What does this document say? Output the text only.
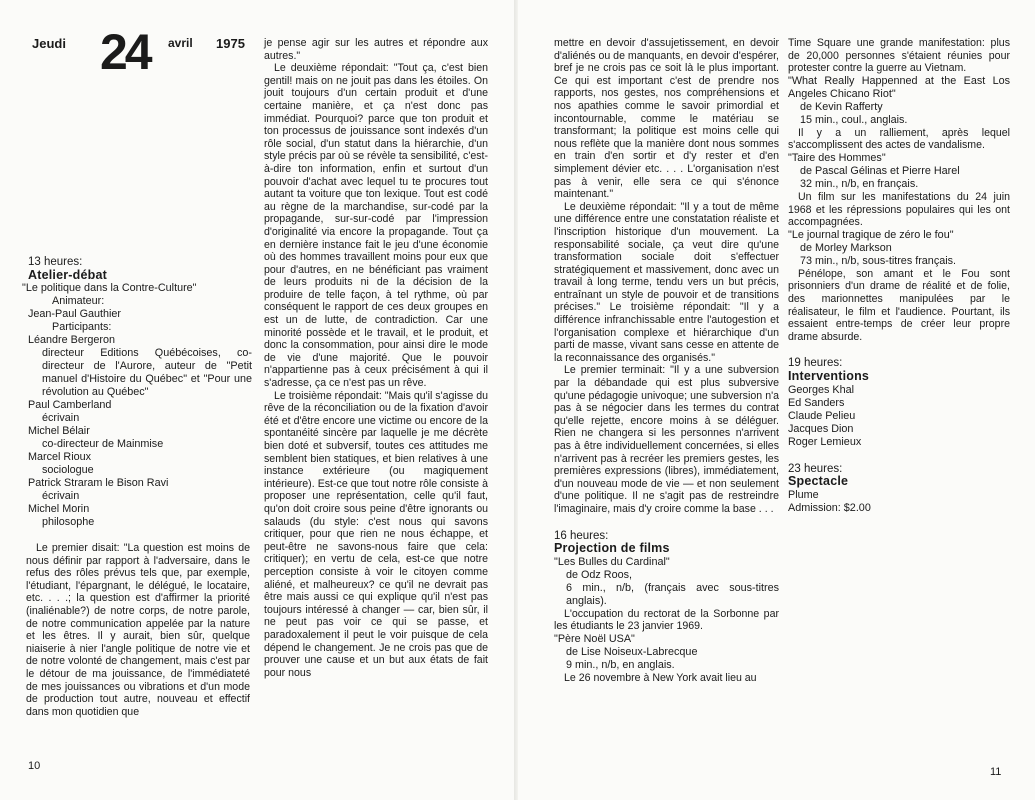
Jeudi 24 avril 1975
13 heures:
Atelier-débat
"Le politique dans la Contre-Culture"
Animateur:
Jean-Paul Gauthier
Participants:
Léandre Bergeron
directeur Editions Québécoises, co-directeur de l'Aurore, auteur de "Petit manuel d'Histoire du Québec" et "Pour une révolution au Québec"
Paul Camberland
écrivain
Michel Bélair
co-directeur de Mainmise
Marcel Rioux
sociologue
Patrick Straram le Bison Ravi
écrivain
Michel Morin
philosophe

Le premier disait: "La question est moins de nous définir par rapport à l'adversaire, dans le refus des rôles prévus tels que, par exemple, l'étudiant, l'épargnant, le délégué, le locataire, etc. . . .; la question est d'affirmer la priorité (inaliénable?) de notre corps, de notre parole, de notre communication appelée par la nature et les êtres. Il y aurait, bien sûr, quelque niaiserie à nier l'angle politique de notre vie et de notre volonté de changement, mais c'est par le détour de ma jouissance, de l'immédiateté de mes jouissances ou vibrations et d'un mode de production tout autre, nouveau et effectif dans mon quotidien que

je pense agir sur les autres et répondre aux autres."

Le deuxième répondait: "Tout ça, c'est bien gentil! mais on ne jouit pas dans les étoiles. On jouit toujours d'un certain produit et d'une certaine manière, et ça n'est donc pas immédiat. Pourquoi? parce que ton produit et ton processus de jouissance sont indexés d'un rôle social, d'un statut dans la hiérarchie, d'un style précis par où se révèle ta sensibilité, c'est-à-dire ton information, enfin et surtout d'un pouvoir d'achat avec lequel tu te procures tout autant ta voiture que ton lexique. Tout est codé au règne de la marchandise, sur-codé par la propagande, sur-sur-codé par l'impression d'originalité via encore la propagande. Tout ça en dernière instance fait le jeu d'une économie où des hommes travaillent moins pour eux que pour d'autres, en ne bénéficiant pas vraiment de leurs produits ni de la décision de la produire de telle façon, à tel rythme, où par conséquent le rapport de ces deux groupes en est un de lutte, de contradiction. Car une minorité possède et le travail, et le produit, et donc la consommation, pour ainsi dire le mode de vie d'une majorité. Que le pouvoir n'appartienne pas à ceux précisément à qui il s'adresse, ça ce n'est pas un rêve.

Le troisième répondait: "Mais qu'il s'agisse du rêve de la réconciliation ou de la fixation d'avoir été et d'être encore une victime ou encore de la spontanéité sincère par laquelle je me décrète bien doté et subversif, toutes ces attitudes me semblent bien statiques, et bien relatives à une instance extérieure (ou magiquement intérieure). Est-ce que tout notre rôle consiste à proposer une représentation, celle qu'il faut, qu'on doit croire sous peine d'être ignorants ou salauds (du style: c'est nous qui savons critiquer, pour que rien ne nous échappe, et peut-être ne savons-nous faire que cela: critiquer); en vertu de cela, est-ce que notre perception consiste à voir le citoyen comme aliéné, et malheureux? ce qu'il ne devrait pas être mais aussi ce qui explique qu'il n'est pas toujours intéressé à changer — car, bien sûr, il ne peut pas voir ce qui se passe, et paradoxalement il peut le voir puisque de cela dépend le changement. Je ne crois pas que de prouver une cause et un but aux états de fait pour nous

10

mettre en devoir d'assujetissement, en devoir d'aliénés ou de manquants, en devoir d'espérer, bref je ne crois pas ce soit là le plus important. Ce qui est important c'est de prendre nos rapports, nos gestes, nos compréhensions et nos apathies comme le savoir primordial et incontournable, comme le matériau se transformant; la politique est moins celle qui nous reflète que la manière dont nous sommes en train d'en sortir et d'y rester et d'en simplement dévier etc. . . . L'organisation n'est pas à venir, elle sera ce qui s'énonce maintenant."

Le deuxième répondait: "Il y a tout de même une différence entre une constatation réaliste et l'inscription historique d'un mouvement. La responsabilité sociale, ça veut dire qu'une transformation sociale doit s'effectuer stratégiquement et massivement, donc avec un travail à long terme, tendu vers un but précis, entraînant un style de pouvoir et de transitions précises." Le troisième répondait: "Il y a différence infranchissable entre l'autogestion et l'organisation complexe et hiérarchique d'un parti de masse, vivant sans cesse en attente de la reconnaissance des organisés."

Le premier terminait: "Il y a une subversion par la débandade qui est plus subversive qu'une pédagogie univoque; une subversion n'a pas à se négocier dans les termes du contrat qu'elle rejette, encore moins à se déléguer. Rien ne changera si les personnes n'arrivent pas à être individuellement concernées, si elles n'arrivent pas à recréer les premiers gestes, les premières expressions (libres), immédiatement, d'un nouveau mode de vie — et non seulement d'une politique. Il ne s'agit pas de restreindre l'imaginaire, mais d'y croire comme la base . . .

16 heures:
Projection de films
"Les Bulles du Cardinal"
de Odz Roos,
6 min., n/b, (français avec sous-titres anglais).

L'occupation du rectorat de la Sorbonne par les étudiants le 23 janvier 1969.

"Père Noël USA"
de Lise Noiseux-Labrecque
9 min., n/b, en anglais.

Le 26 novembre à New York avait lieu au

Time Square une grande manifestation: plus de 20,000 personnes s'étaient réunies pour protester contre la guerre au Vietnam.

"What Really Happenned at the East Los Angeles Chicano Riot"
de Kevin Rafferty
15 min., coul., anglais.

Il y a un ralliement, après lequel s'accomplissent des actes de vandalisme.

"Taire des Hommes"
de Pascal Gélinas et Pierre Harel
32 min., n/b, en français.

Un film sur les manifestations du 24 juin 1968 et les répressions populaires qui les ont accompagnées.

"Le journal tragique de zéro le fou"
de Morley Markson
73 min., n/b, sous-titres français.

Pénélope, son amant et le Fou sont prisonniers d'un drame de réalité et de folie, des marionnettes manipulées par le réalisateur, le film et l'audience. Pourtant, ils essaient entre-temps de créer leur propre drame absurde.

19 heures:
Interventions
Georges Khal
Ed Sanders
Claude Pelieu
Jacques Dion
Roger Lemieux
23 heures:
Spectacle
Plume
Admission: $2.00
11
